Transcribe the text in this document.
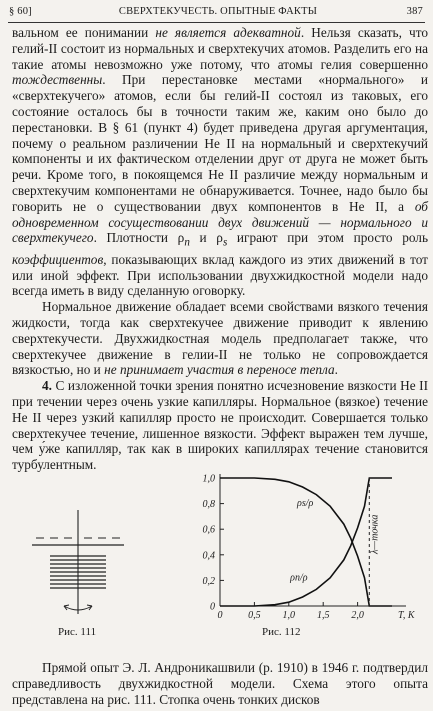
§ 60]	СВЕРХТЕКУЧЕСТЬ. ОПЫТНЫЕ ФАКТЫ	387

вальном ее понимании не является адекватной. Нельзя сказать, что гелий-II состоит из нормальных и сверхтекучих атомов. Разделить его на такие атомы невозможно уже потому, что атомы гелия совершенно тождественны. При перестановке местами «нормального» и «сверхтекучего» атомов, если бы гелий-II состоял из таковых, его состояние осталось бы в точности таким же, каким оно было до перестановки. В § 61 (пункт 4) будет приведена другая аргументация, почему о реальном различении He II на нормальный и сверхтекучий компоненты и их фактическом отделении друг от друга не может быть речи. Кроме того, в покоящемся He II различие между нормальным и сверхтекучим компонентами не обнаруживается. Точнее, надо было бы говорить не о существовании двух компонентов в He II, а об одновременном сосуществовании двух движений — нормального и сверхтекучего. Плотности $\rho_n$ и $\rho_s$ играют при этом просто роль коэффициентов, показывающих вклад каждого из этих движений в тот или иной эффект. При использовании двухжидкостной модели надо всегда иметь в виду сделанную оговорку.

Нормальное движение обладает всеми свойствами вязкого течения жидкости, тогда как сверхтекучее движение приводит к явлению сверхтекучести. Двухжидкостная модель предполагает также, что сверхтекучее движение в гелии-II не только не сопровождается вязкостью, но и не принимает участия в переносе тепла.

4. С изложенной точки зрения понятно исчезновение вязкости He II при течении через очень узкие капилляры. Нормальное (вязкое) течение He II через узкий капилляр просто не происходит. Совершается только сверхтекучее течение, лишенное вязкости. Эффект выражен тем лучше, чем у́же капилляр, так как в широких капиллярах течение становится турбулентным.

Рис. 111
0
0,2
0,4
0,6
0,8
1,0
0	0,5 1,0 1,5 2,0	T, K
ρs/ρ
ρn/ρ
λ—точка
Рис. 112

Прямой опыт Э. Л. Андроникашвили (р. 1910) в 1946 г. подтвердил справедливость двухжидкостной модели. Схема этого опыта представлена на рис. 111. Стопка очень тонких дисков
